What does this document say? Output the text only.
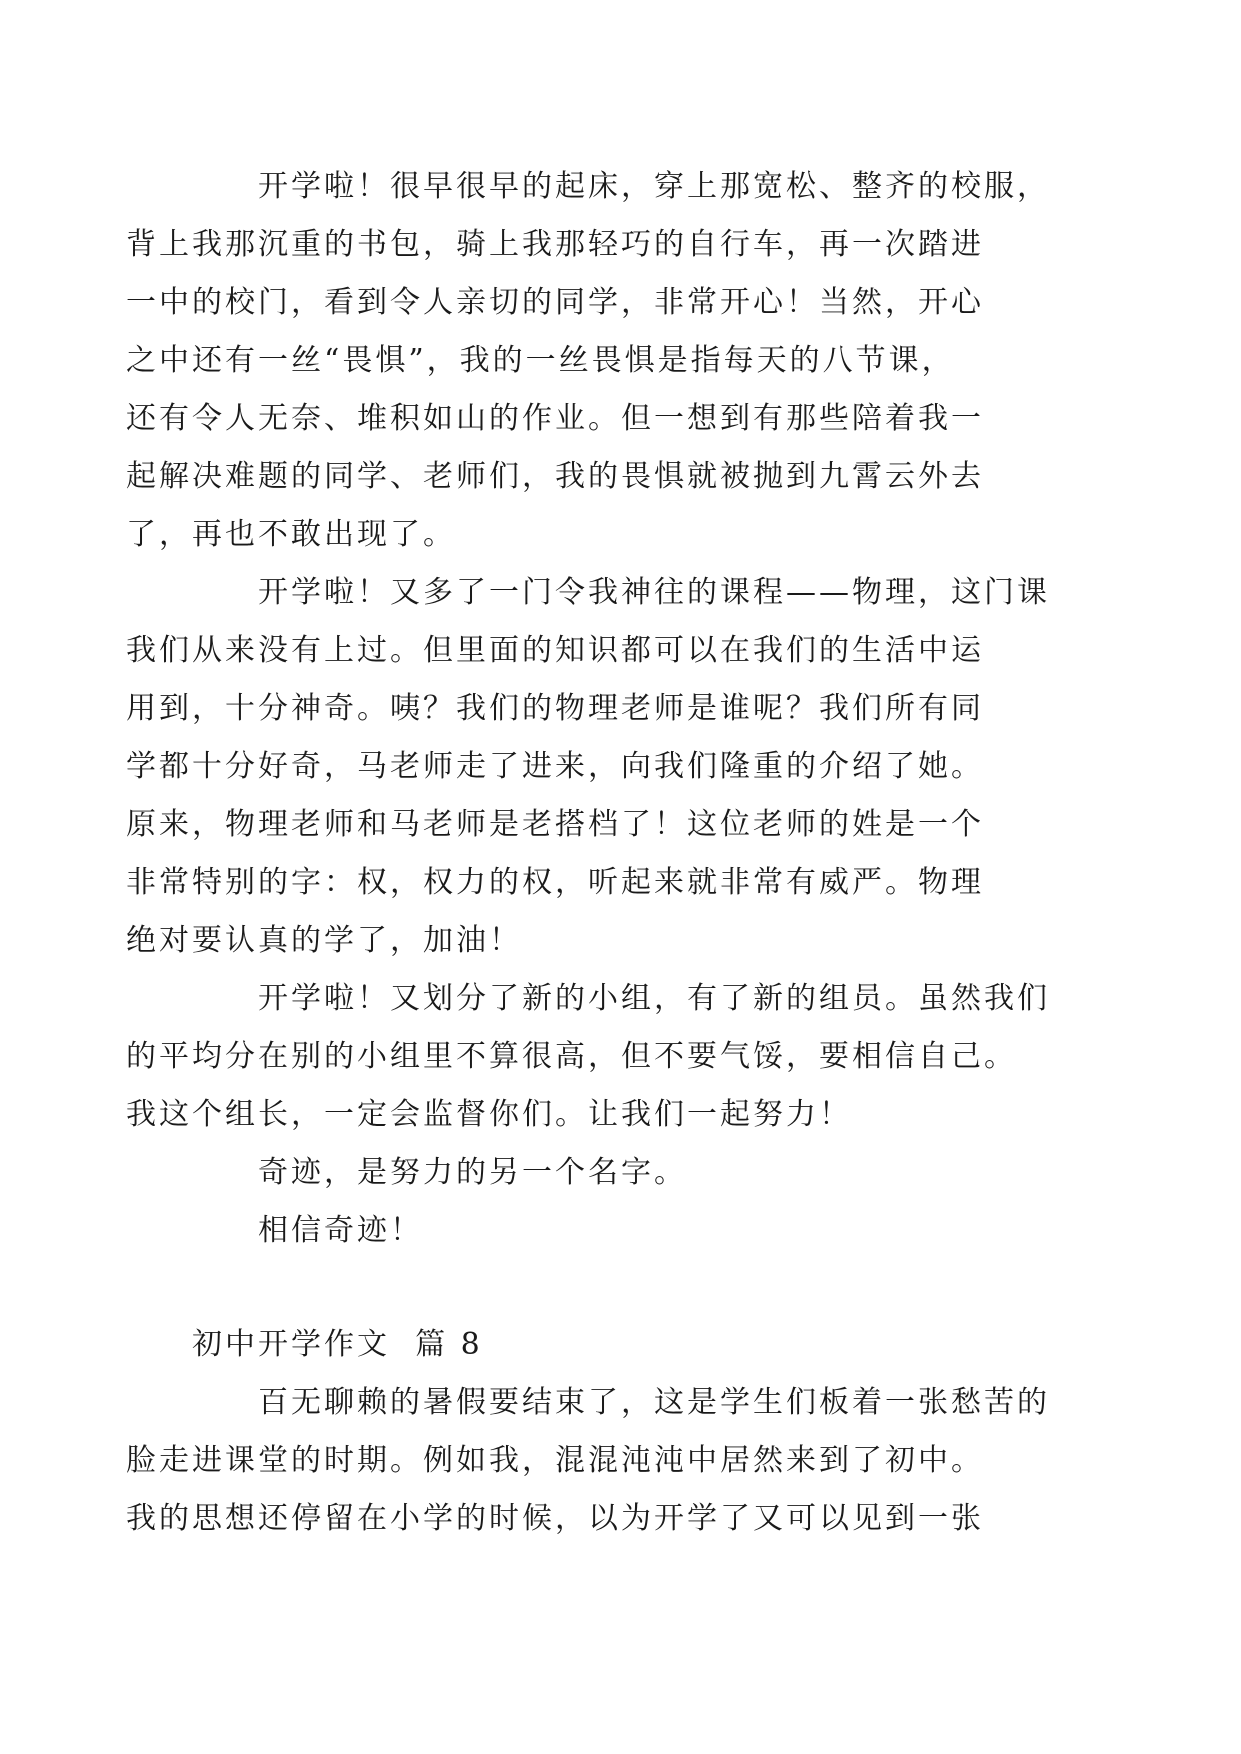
开学啦！很早很早的起床，穿上那宽松、整齐的校服，
背上我那沉重的书包，骑上我那轻巧的自行车，再一次踏进
一中的校门，看到令人亲切的同学，非常开心！当然，开心
之中还有一丝“畏惧”，我的一丝畏惧是指每天的八节课，
还有令人无奈、堆积如山的作业。但一想到有那些陪着我一
起解决难题的同学、老师们，我的畏惧就被抛到九霄云外去
了，再也不敢出现了。
开学啦！又多了一门令我神往的课程——物理，这门课
我们从来没有上过。但里面的知识都可以在我们的生活中运
用到，十分神奇。咦？我们的物理老师是谁呢？我们所有同
学都十分好奇，马老师走了进来，向我们隆重的介绍了她。
原来，物理老师和马老师是老搭档了！这位老师的姓是一个
非常特别的字：权，权力的权，听起来就非常有威严。物理
绝对要认真的学了，加油！
开学啦！又划分了新的小组，有了新的组员。虽然我们
的平均分在别的小组里不算很高，但不要气馁，要相信自己。
我这个组长，一定会监督你们。让我们一起努力！
奇迹，是努力的另一个名字。
相信奇迹！
初中开学作文  篇 8
百无聊赖的暑假要结束了，这是学生们板着一张愁苦的
脸走进课堂的时期。例如我，混混沌沌中居然来到了初中。
我的思想还停留在小学的时候，以为开学了又可以见到一张
